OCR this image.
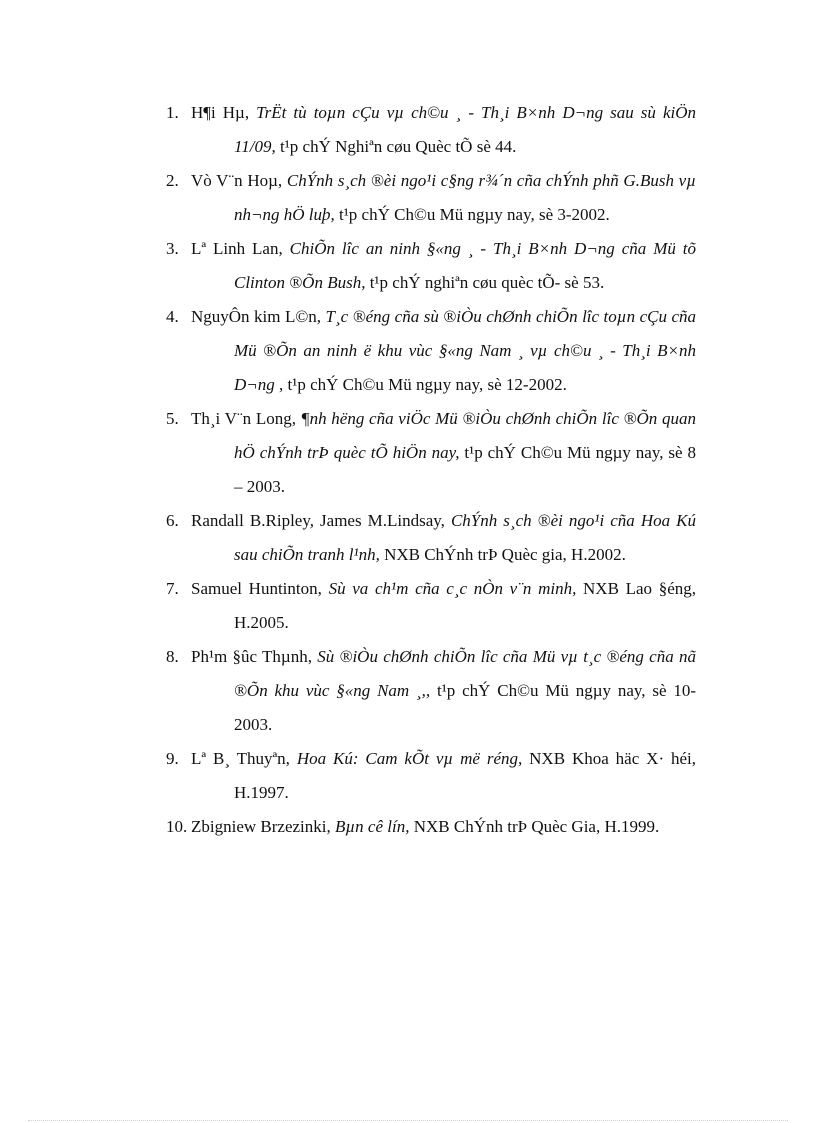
1. H¶i Hµ, TrËt tù toµn cÇu vµ ch©u ¸ - Th¸i B×nh D¬ng sau sù kiÖn 11/09, t¹p chÝ Nghiªn cøu Quèc tÕ sè 44.
2. Vò V¨n Hoµ, ChÝnh s¸ch ®èi ngo¹i c§ng r¾´n cña chÝnh phñ G.Bush vµ nh¬ng hÖ luþ, t¹p chÝ Ch©u Mü ngµy nay, sè 3-2002.
3. Lª Linh Lan, ChiÕn lîc an ninh §«ng ¸ - Th¸i B×nh D¬ng cña Mü tõ Clinton ®Õn Bush, t¹p chÝ nghiªn cøu quèc tÕ- sè 53.
4. NguyÔn kim L©n, T¸c ®éng cña sù ®iÒu chØnh chiÕn lîc toµn cÇu cña Mü ®Õn an ninh ë khu vùc §«ng Nam ¸ vµ ch©u ¸ - Th¸i B×nh D¬ng , t¹p chÝ Ch©u Mü ngµy nay, sè 12-2002.
5. Th¸i V¨n Long, ¶nh hëng cña viÖc Mü ®iÒu chØnh chiÕn lîc ®Õn quan hÖ chÝnh trÞ quèc tÕ hiÖn nay, t¹p chÝ Ch©u Mü ngµy nay, sè 8 – 2003.
6. Randall B.Ripley, James M.Lindsay, ChÝnh s¸ch ®èi ngo¹i cña Hoa Kú sau chiÕn tranh l¹nh, NXB ChÝnh trÞ Quèc gia, H.2002.
7. Samuel Huntinton, Sù va ch¹m cña c¸c nÒn v¨n minh, NXB Lao §éng, H.2005.
8. Ph¹m §ûc Thµnh, Sù ®iÒu chØnh chiÕn lîc cña Mü vµ t¸c ®éng cña nã ®Õn khu vùc §«ng Nam ¸,, t¹p chÝ Ch©u Mü ngµy nay, sè 10-2003.
9. Lª B¸ Thuyªn, Hoa Kú: Cam kÕt vµ më réng, NXB Khoa häc X· héi, H.1997.
10. Zbigniew Brzezinki, Bµn cê lín, NXB ChÝnh trÞ Quèc Gia, H.1999.
